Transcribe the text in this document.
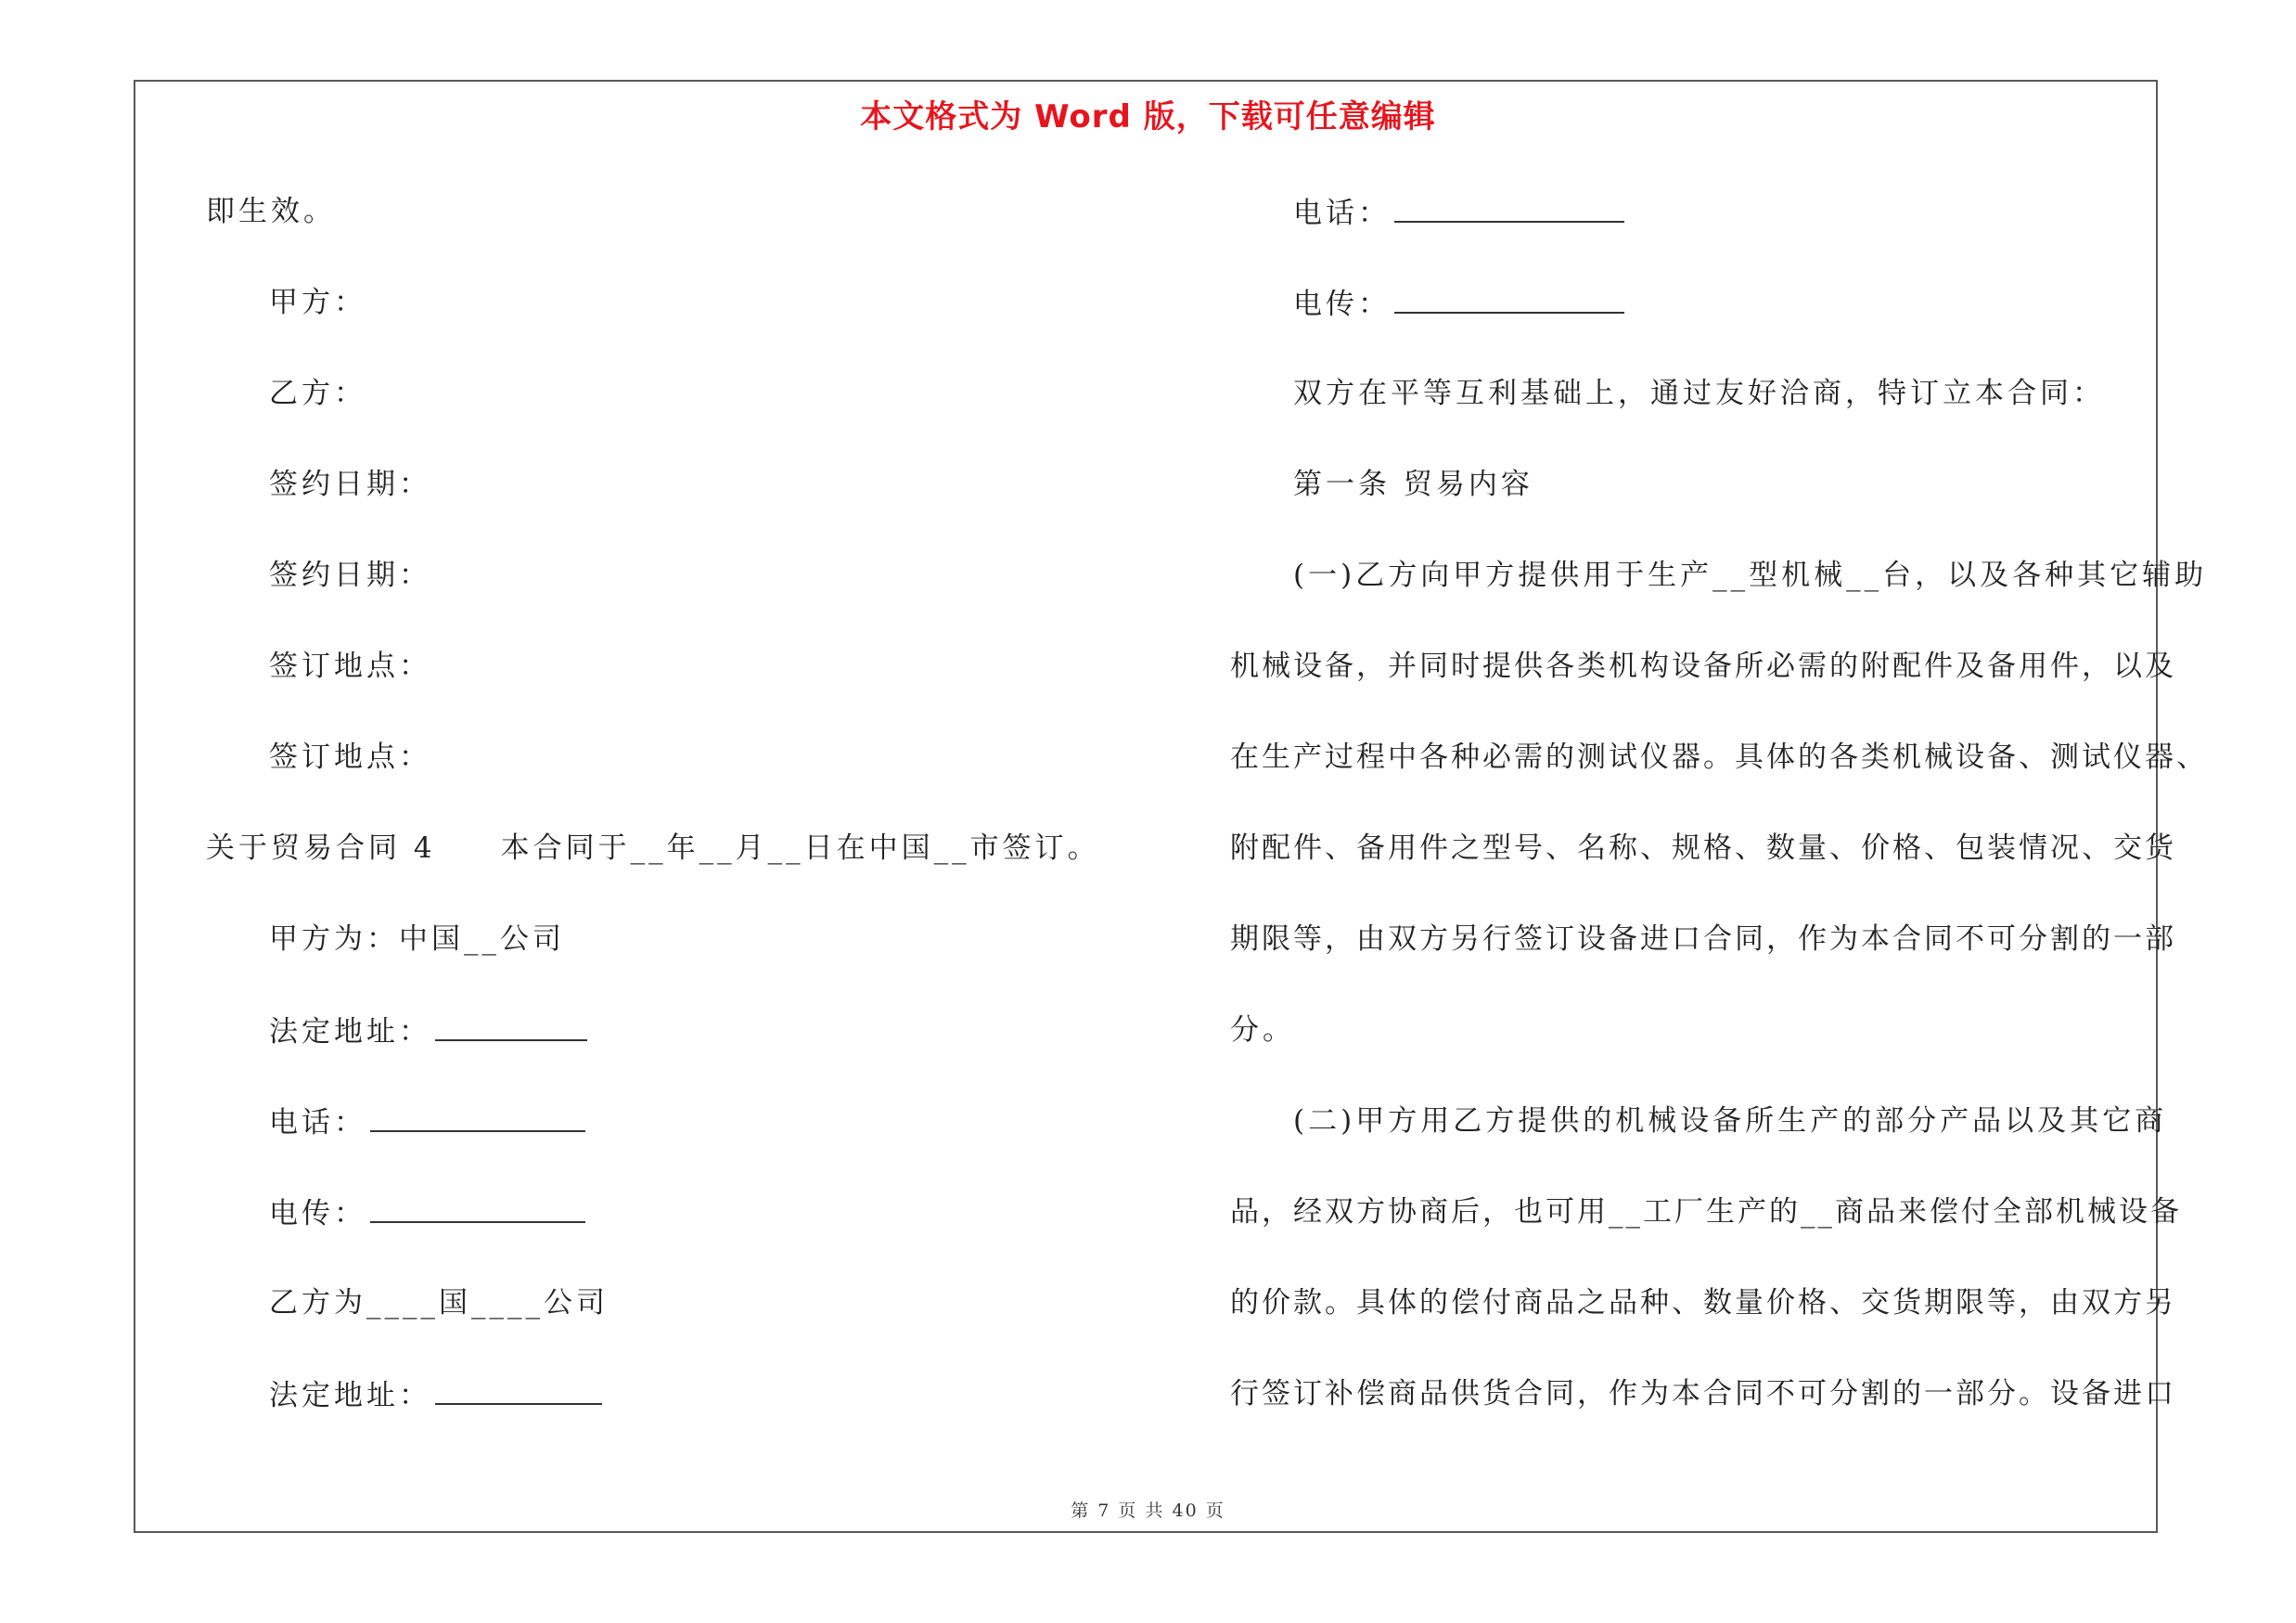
本文格式为 Word 版，下载可任意编辑
即生效。
甲方：
乙方：
签约日期：
签约日期：
签订地点：
签订地点：
关于贸易合同 4 本合同于__年__月__日在中国__市签订。
甲方为：中国__公司
法定地址：
电话：
电传：
乙方为____国____公司
法定地址：
电话：
电传：
双方在平等互利基础上，通过友好洽商，特订立本合同：
第一条 贸易内容
(一)乙方向甲方提供用于生产__型机械__台，以及各种其它辅助
机械设备，并同时提供各类机构设备所必需的附配件及备用件，以及
在生产过程中各种必需的测试仪器。具体的各类机械设备、测试仪器、
附配件、备用件之型号、名称、规格、数量、价格、包装情况、交货
期限等，由双方另行签订设备进口合同，作为本合同不可分割的一部
分。
(二)甲方用乙方提供的机械设备所生产的部分产品以及其它商
品，经双方协商后，也可用__工厂生产的__商品来偿付全部机械设备
的价款。具体的偿付商品之品种、数量价格、交货期限等，由双方另
行签订补偿商品供货合同，作为本合同不可分割的一部分。设备进口
第 7 页 共 40 页
